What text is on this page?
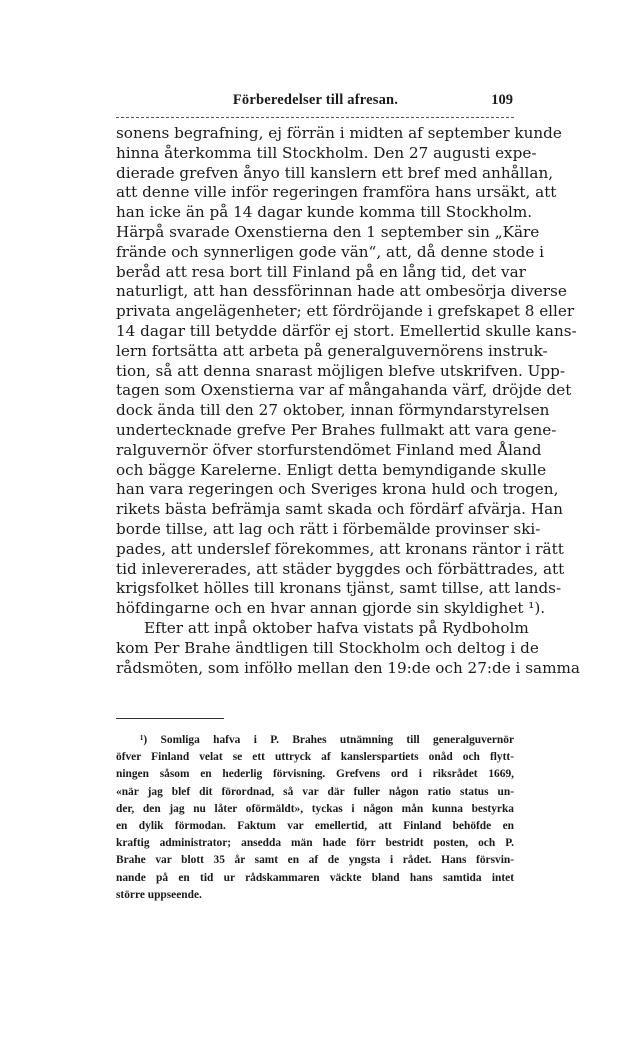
Förberedelser till afresan.	109
sonens begrafning, ej förrän i midten af september kunde
hinna återkomma till Stockholm. Den 27 augusti expe-
dierade grefven ånyo till kanslern ett bref med anhållan,
att denne ville inför regeringen framföra hans ursäkt, att
han icke än på 14 dagar kunde komma till Stockholm.
Härpå svarade Oxenstierna den 1 september sin „Käre
frände och synnerligen gode vän“, att, då denne stode i
beråd att resa bort till Finland på en lång tid, det var
naturligt, att han dessförinnan hade att ombesörja diverse
privata angelägenheter; ett fördröjande i grefskapet 8 eller
14 dagar till betydde därför ej stort. Emellertid skulle kans-
lern fortsätta att arbeta på generalguvernörens instruk-
tion, så att denna snarast möjligen blefve utskrifven. Upp-
tagen som Oxenstierna var af mångahanda värf, dröjde det
dock ända till den 27 oktober, innan förmyndarstyrelsen
undertecknade grefve Per Brahes fullmakt att vara gene-
ralguvernör öfver storfurstendömet Finland med Åland
och bägge Karelerne. Enligt detta bemyndigande skulle
han vara regeringen och Sveriges krona huld och trogen,
rikets bästa befrämja samt skada och fördärf afvärja. Han
borde tillse, att lag och rätt i förbemälde provinser ski-
pades, att underslef förekommes, att kronans räntor i rätt
tid inlevererades, att städer byggdes och förbättrades, att
krigsfolket hölles till kronans tjänst, samt tillse, att lands-
höfdingarne och en hvar annan gjorde sin skyldighet ¹).
Efter att inpå oktober hafva vistats på Rydboholm
kom Per Brahe ändtligen till Stockholm och deltog i de
rådsmöten, som infölło mellan den 19:de och 27:de i samma
¹) Somliga hafva i P. Brahes utnämning till generalguvernör
öfver Finland velat se ett uttryck af kanslerspartiets onåd och flytt-
ningen såsom en hederlig förvisning. Grefvens ord i riksrådet 1669,
«när jag blef dit förordnad, så var där fuller någon ratio status un-
der, den jag nu låter oförmäldt», tyckas i någon mån kunna bestyrka
en dylik förmodan. Faktum var emellertid, att Finland behöfde en
kraftig administrator; ansedda män hade förr bestridt posten, och P.
Brahe var blott 35 år samt en af de yngsta i rådet. Hans försvin-
nande på en tid ur rådskammaren väckte bland hans samtida intet
större uppseende.
